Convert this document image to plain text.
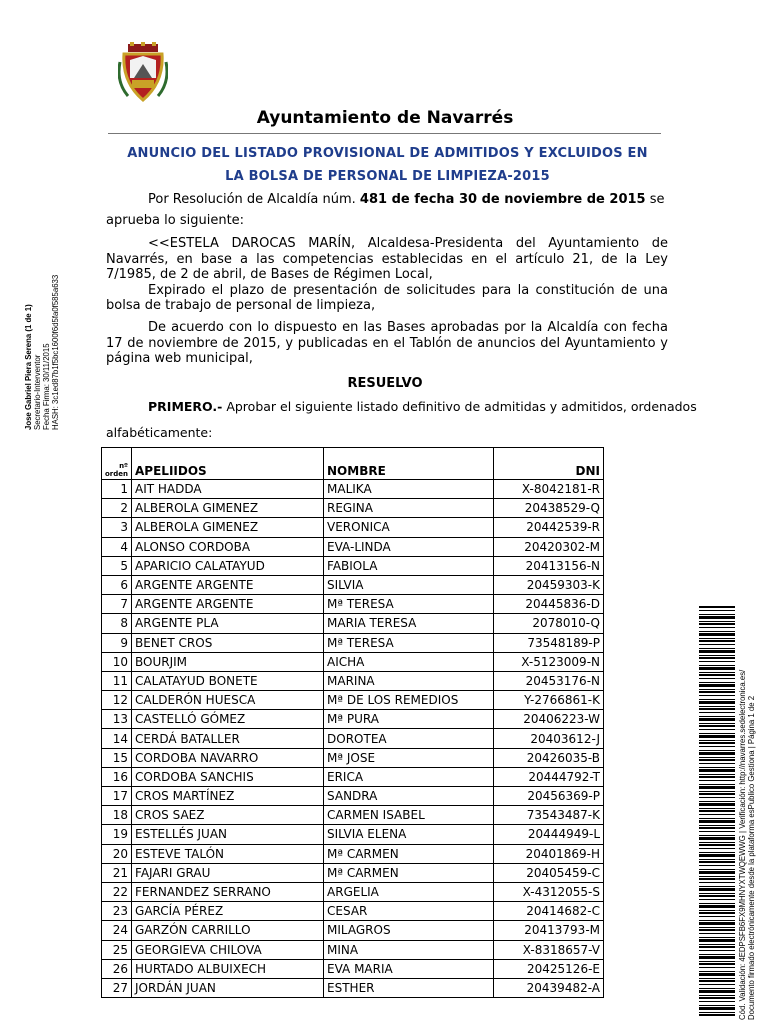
Ayuntamiento de Navarrés
ANUNCIO DEL LISTADO PROVISIONAL DE ADMITIDOS Y EXCLUIDOS EN
LA BOLSA DE PERSONAL DE LIMPIEZA-2015
Jose Gabriel Piera Serena (1 de 1) Secretario-Interventor Fecha Firma: 30/11/2015 HASH: 3c1ed87b1f5bc1600f6d5fa0f585a633
Por Resolución de Alcaldía núm. 481 de fecha 30 de noviembre de 2015 se
aprueba lo siguiente:
<<ESTELA DAROCAS MARÍN, Alcaldesa-Presidenta del Ayuntamiento de Navarrés, en base a las competencias establecidas en el artículo 21, de la Ley 7/1985, de 2 de abril, de Bases de Régimen Local,
Expirado el plazo de presentación de solicitudes para la constitución de una bolsa de trabajo de personal de limpieza,
De acuerdo con lo dispuesto en las Bases aprobadas por la Alcaldía con fecha 17 de noviembre de 2015, y publicadas en el Tablón de anuncios del Ayuntamiento y página web municipal,
RESUELVO
PRIMERO.- Aprobar el siguiente listado definitivo de admitidas y admitidos, ordenados
alfabéticamente:
nº
orden	APELIIDOS	NOMBRE	DNI
1	AIT HADDA	MALIKA	X-8042181-R
2	ALBEROLA GIMENEZ	REGINA	20438529-Q
3	ALBEROLA GIMENEZ	VERONICA	20442539-R
4	ALONSO CORDOBA	EVA-LINDA	20420302-M
5	APARICIO CALATAYUD	FABIOLA	20413156-N
6	ARGENTE ARGENTE	SILVIA	20459303-K
7	ARGENTE ARGENTE	Mª TERESA	20445836-D
8	ARGENTE PLA	MARIA TERESA	2078010-Q
9	BENET CROS	Mª TERESA	73548189-P
10	BOURJIM	AICHA	X-5123009-N
11	CALATAYUD BONETE	MARINA	20453176-N
12	CALDERÓN HUESCA	Mª DE LOS REMEDIOS	Y-2766861-K
13	CASTELLÓ GÓMEZ	Mª PURA	20406223-W
14	CERDÁ BATALLER	DOROTEA	20403612-J
15	CORDOBA NAVARRO	Mª JOSE	20426035-B
16	CORDOBA SANCHIS	ERICA	20444792-T
17	CROS MARTÍNEZ	SANDRA	20456369-P
18	CROS SAEZ	CARMEN ISABEL	73543487-K
19	ESTELLÉS JUAN	SILVIA ELENA	20444949-L
20	ESTEVE TALÓN	Mª CARMEN	20401869-H
21	FAJARI GRAU	Mª CARMEN	20405459-C
22	FERNANDEZ SERRANO	ARGELIA	X-4312055-S
23	GARCÍA PÉREZ	CESAR	20414682-C
24	GARZÓN CARRILLO	MILAGROS	20413793-M
25	GEORGIEVA CHILOVA	MINA	X-8318657-V
26	HURTADO ALBUIXECH	EVA MARIA	20425126-E
27	JORDÁN JUAN	ESTHER	20439482-A	Cód. Validación: 4EDPSFB6FX9MHNYXTWQEWWG | Verificación: http://navarres.sedelectronica.es/ Documento firmado electrónicamente desde la plataforma esPublico Gestiona | Página 1 de 2
